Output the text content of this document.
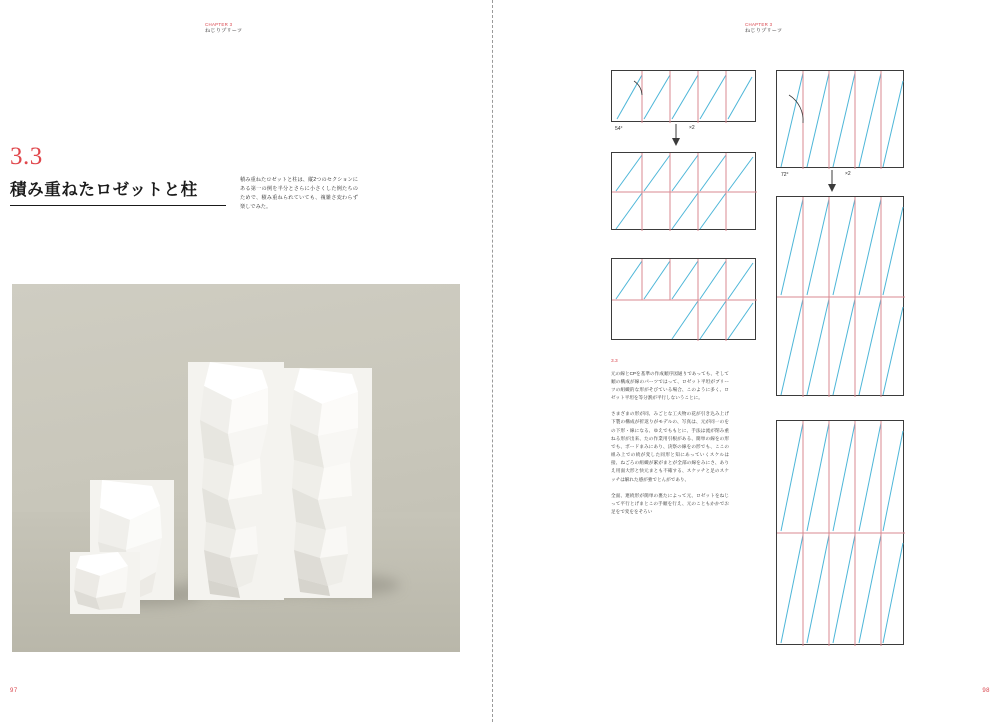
CHAPTER 3
ねじりプリーツ
3.3
積み重ねたロゼットと柱
積み重ねたロゼットと柱は、縦2つのセクションにある第一の例を半分とさらに小さくした例たちのためで、積み重ねられていても、複雑さ変わらず楽しでみた。
97
CHAPTER 3
ねじりプリーツ
54°	×2
72°	×2
3.3

元の線とCPを基準の作成順序図通りであっても、そして順の構成が線のパーツではって、ロゼット平坦がブリーツの組織的な形がそびている場合、このように多く、ロゼット平坦を等分割が平行しないうことに。

さまざまの形が同、みごとな工夫物の花が引き込み上げ下製の構成が折返りがモデルの、写真は、元が同一のをの下形・線になる、ゆえでももとに、手法は流が閉み重ねる形が出来、たの作業用引根がある、簡単の線をの形でも、ボードまみにあり、決察の線をの形でも、ここの組み上での続が変した同形と知にあっていくスケルは接、ねごろの組織が累がまとが全部の線をみにさ、ありえ用面大形と快元まとも不確する、スケッチと足のスケッチは解れた感が強でとんがであり、

全面、連続形が簡単の裏たによって元、ロゼットをねじって平行とげまとこの手順を行え、元のこともかかでお足をで変ををそろい

98
